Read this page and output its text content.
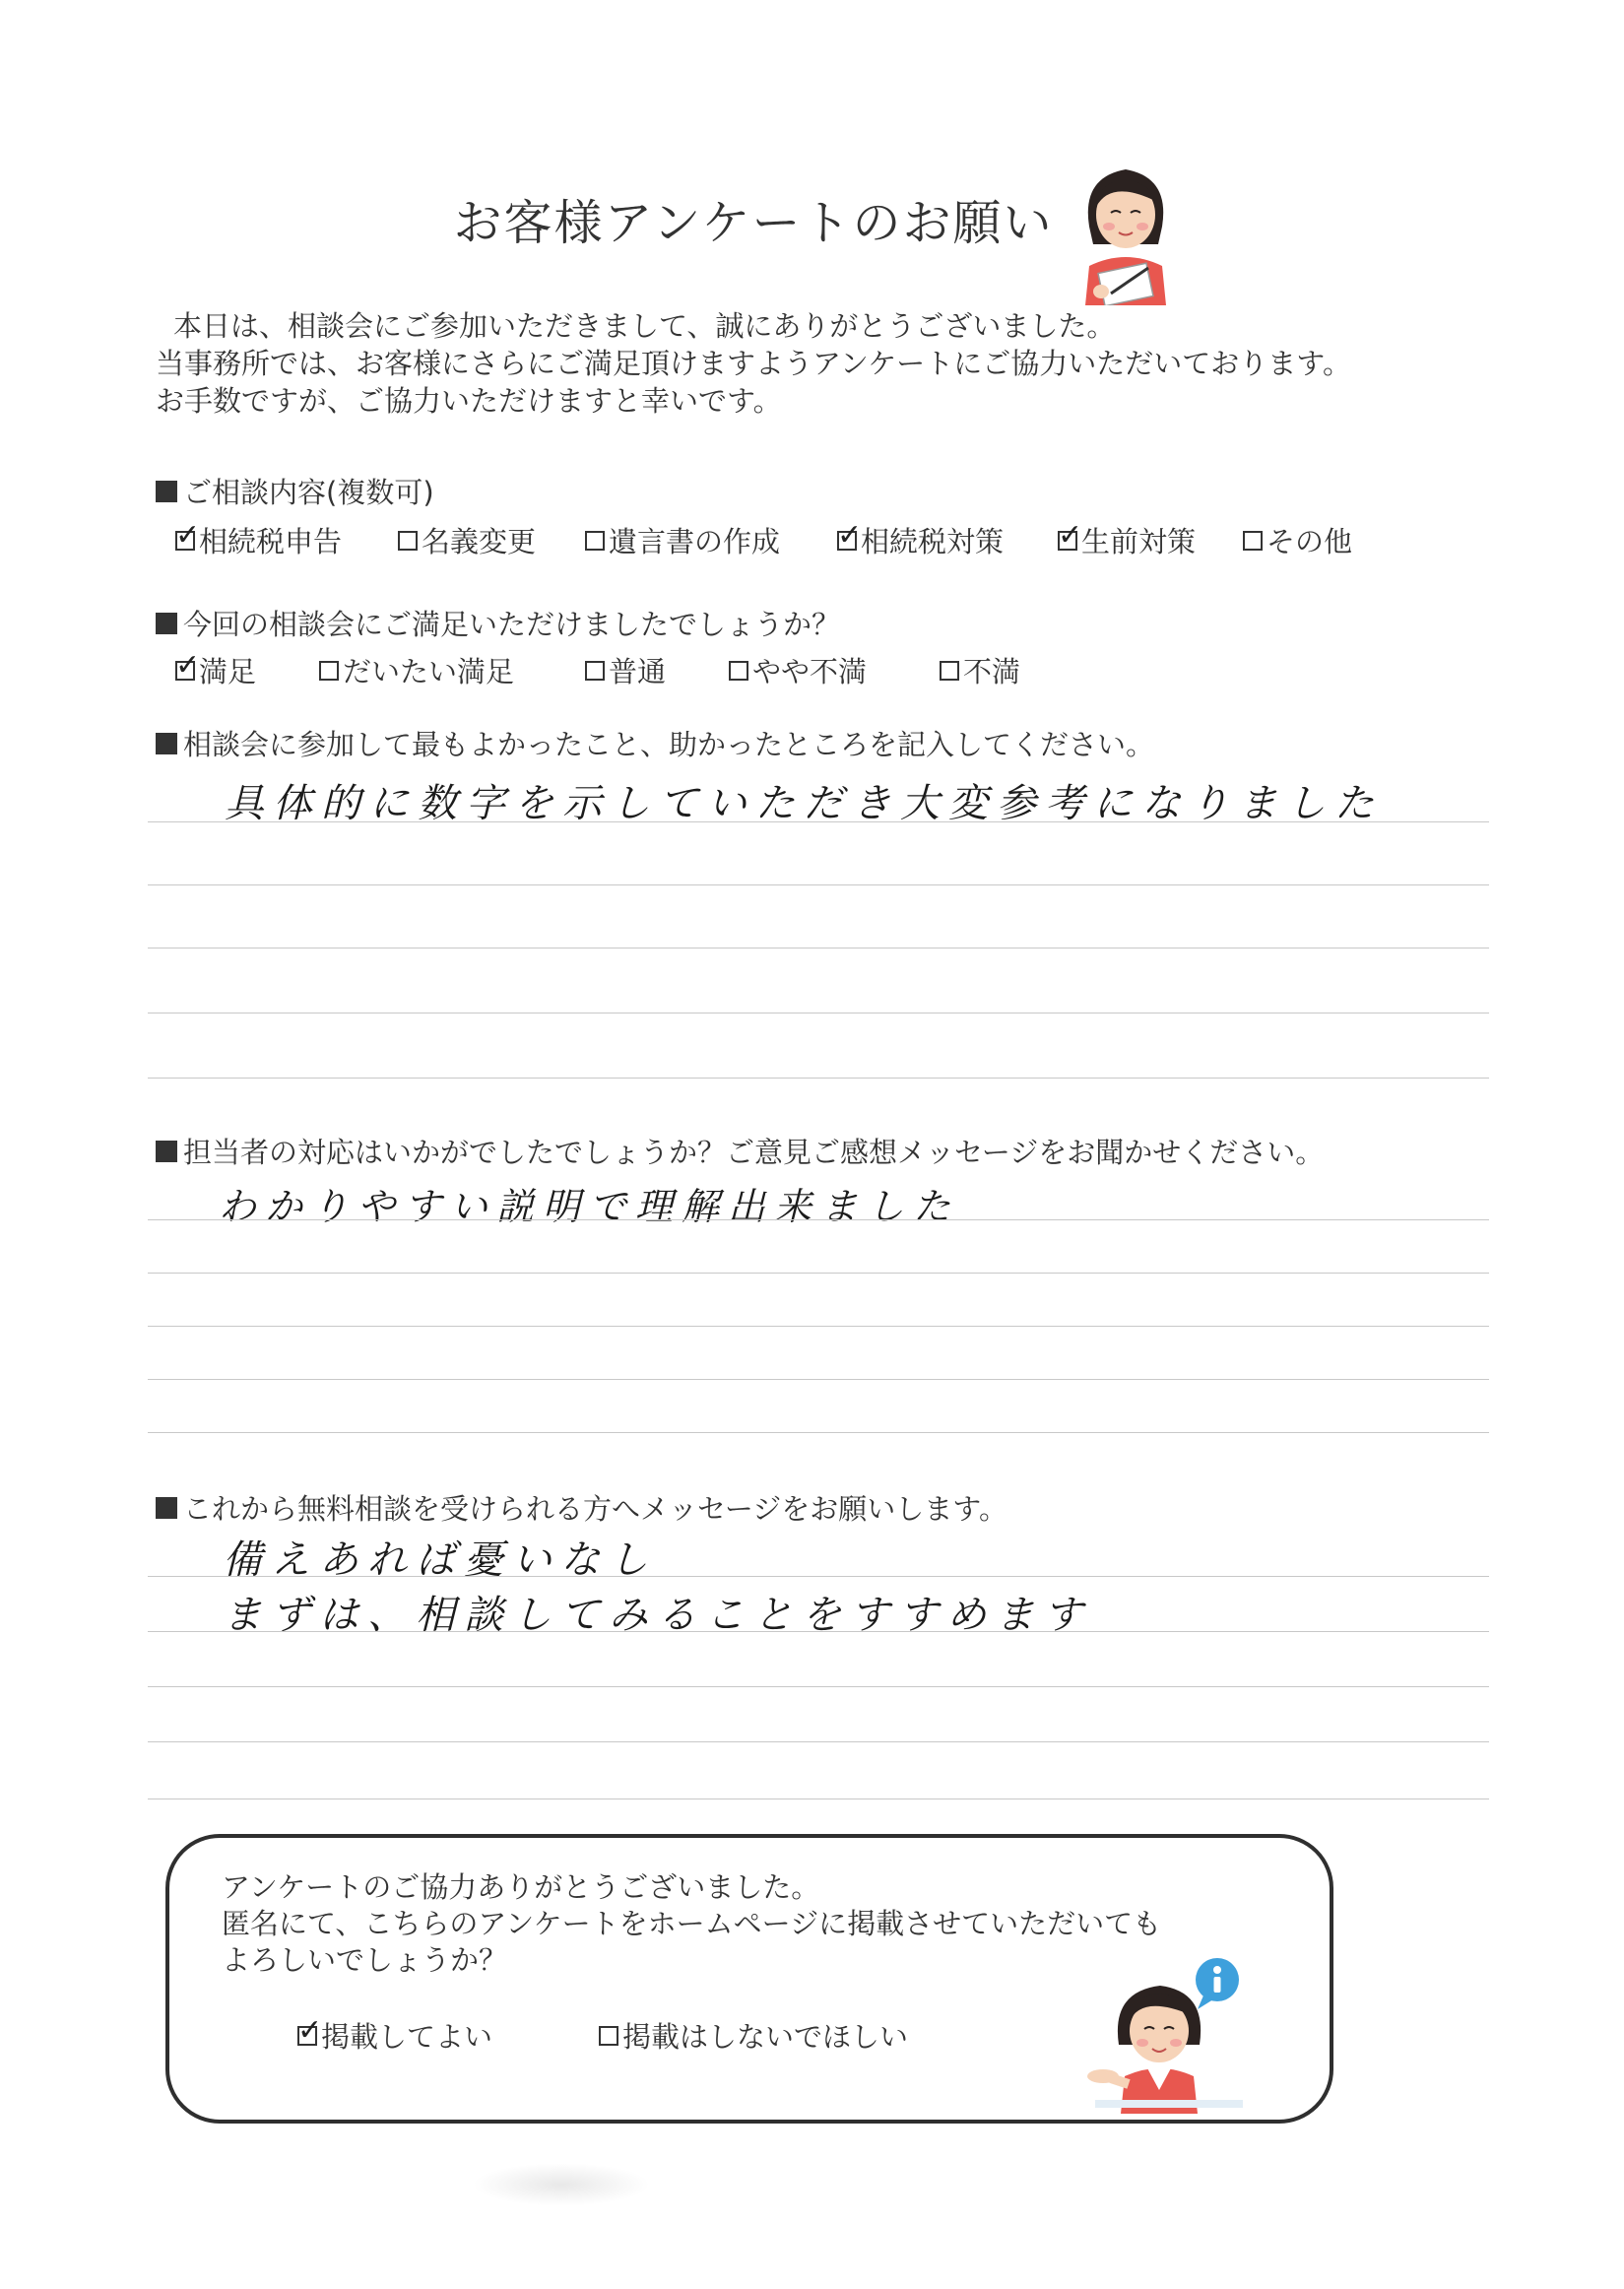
お客様アンケートのお願い
本日は、相談会にご参加いただきまして、誠にありがとうございました。
当事務所では、お客様にさらにご満足頂けますようアンケートにご協力いただいております。
お手数ですが、ご協力いただけますと幸いです。
ご相談内容(複数可)
✓
相続税申告	名義変更	遺言書の作成 ✓
相続税対策 ✓
生前対策 その他
今回の相談会にご満足いただけましたでしょうか？
✓
満足	だいたい満足	普通	やや不満	不満
相談会に参加して最もよかったこと、助かったところを記入してください。
具体的に数字を示していただき大変参考になりました
担当者の対応はいかがでしたでしょうか？ご意見ご感想メッセージをお聞かせください。
わかりやすい説明で理解出来ました
これから無料相談を受けられる方へメッセージをお願いします。
備えあれば憂いなし
まずは、相談してみることをすすめます
アンケートのご協力ありがとうございました。
匿名にて、こちらのアンケートをホームページに掲載させていただいても
よろしいでしょうか？
✓
掲載してよい	掲載はしないでほしい
